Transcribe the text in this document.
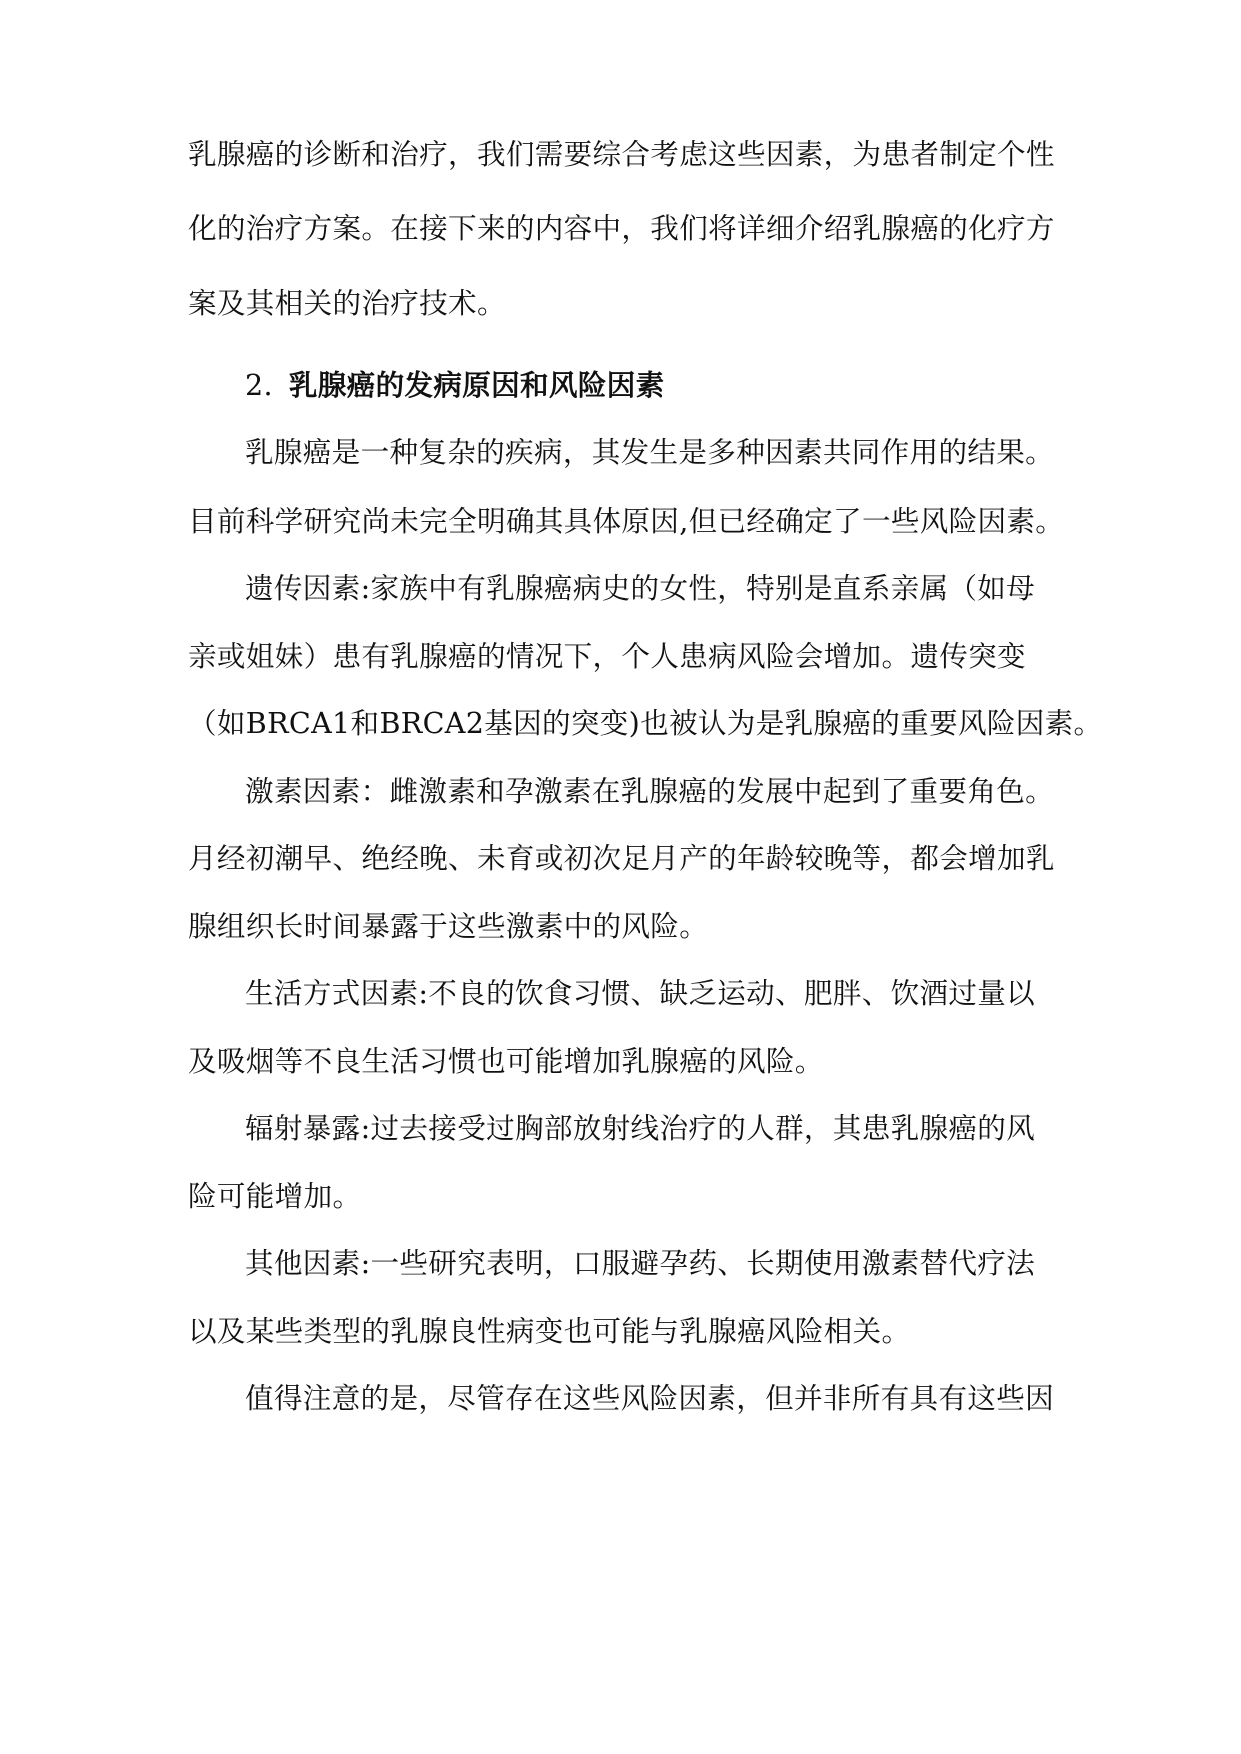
乳腺癌的诊断和治疗，我们需要综合考虑这些因素，为患者制定个性

化的治疗方案。在接下来的内容中，我们将详细介绍乳腺癌的化疗方

案及其相关的治疗技术。

2. 乳腺癌的发病原因和风险因素

乳腺癌是一种复杂的疾病，其发生是多种因素共同作用的结果。

目前科学研究尚未完全明确其具体原因,但已经确定了一些风险因素。

遗传因素:家族中有乳腺癌病史的女性，特别是直系亲属（如母

亲或姐妹）患有乳腺癌的情况下，个人患病风险会增加。遗传突变

（如BRCA1和BRCA2基因的突变)也被认为是乳腺癌的重要风险因素。

激素因素：雌激素和孕激素在乳腺癌的发展中起到了重要角色。

月经初潮早、绝经晚、未育或初次足月产的年龄较晚等，都会增加乳

腺组织长时间暴露于这些激素中的风险。

生活方式因素:不良的饮食习惯、缺乏运动、肥胖、饮酒过量以

及吸烟等不良生活习惯也可能增加乳腺癌的风险。

辐射暴露:过去接受过胸部放射线治疗的人群，其患乳腺癌的风

险可能增加。

其他因素:一些研究表明，口服避孕药、长期使用激素替代疗法

以及某些类型的乳腺良性病变也可能与乳腺癌风险相关。

值得注意的是，尽管存在这些风险因素，但并非所有具有这些因
